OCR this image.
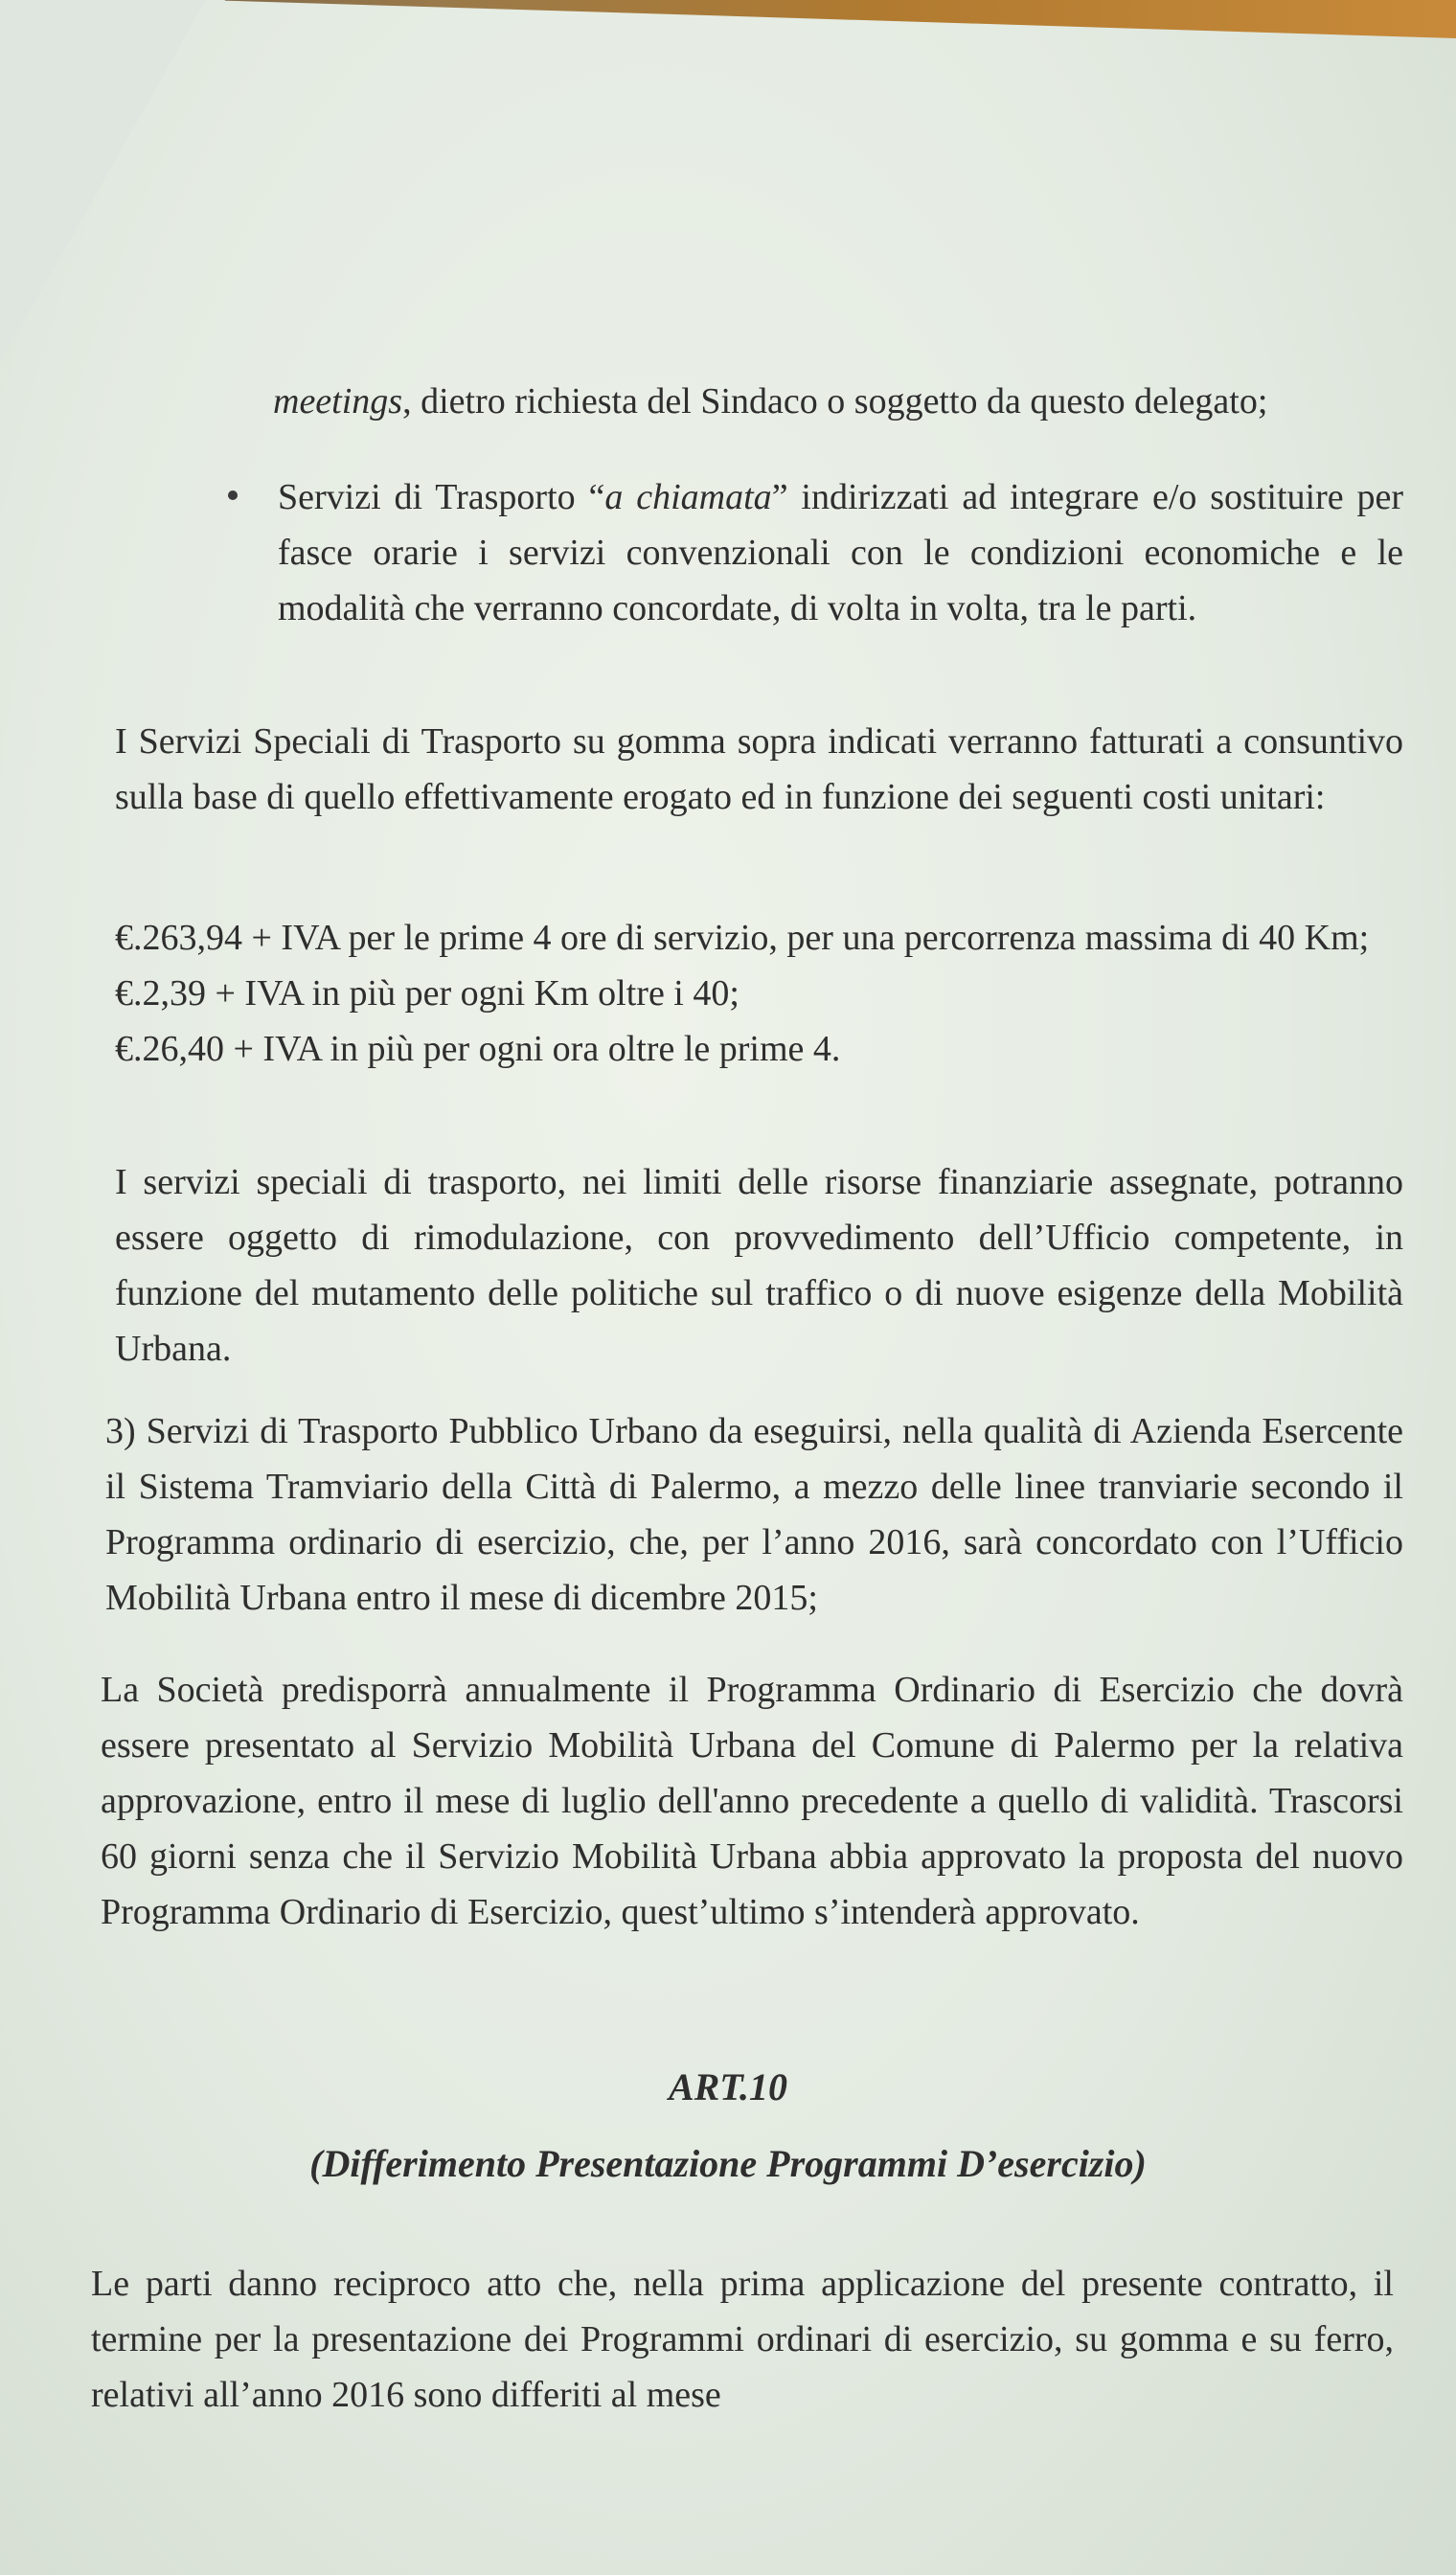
meetings, dietro richiesta del Sindaco o soggetto da questo delegato;

Servizi di Trasporto “a chiamata” indirizzati ad integrare e/o sostituire per fasce orarie i servizi convenzionali con le condizioni economiche e le modalità che verranno concordate, di volta in volta, tra le parti.

I Servizi Speciali di Trasporto su gomma sopra indicati verranno fatturati a consuntivo sulla base di quello effettivamente erogato ed in funzione dei seguenti costi unitari:

€.263,94 + IVA per le prime 4 ore di servizio, per una percorrenza massima di 40 Km;

€.2,39 + IVA in più per ogni Km oltre i 40;

€.26,40 + IVA in più per ogni ora oltre le prime 4.

I servizi speciali di trasporto, nei limiti delle risorse finanziarie assegnate, potranno essere oggetto di rimodulazione, con provvedimento dell’Ufficio competente, in funzione del mutamento delle politiche sul traffico o di nuove esigenze della Mobilità Urbana.

3) Servizi di Trasporto Pubblico Urbano da eseguirsi, nella qualità di Azienda Esercente il Sistema Tramviario della Città di Palermo, a mezzo delle linee tranviarie secondo il Programma ordinario di esercizio, che, per l’anno 2016, sarà concordato con l’Ufficio Mobilità Urbana entro il mese di dicembre 2015;

La Società predisporrà annualmente il Programma Ordinario di Esercizio che dovrà essere presentato al Servizio Mobilità Urbana del Comune di Palermo per la relativa approvazione, entro il mese di luglio dell'anno precedente a quello di validità. Trascorsi 60 giorni senza che il Servizio Mobilità Urbana abbia approvato la proposta del nuovo Programma Ordinario di Esercizio, quest’ultimo s’intenderà approvato.

ART.10
(Differimento Presentazione Programmi D’esercizio)

Le parti danno reciproco atto che, nella prima applicazione del presente contratto, il termine per la presentazione dei Programmi ordinari di esercizio, su gomma e su ferro, relativi all’anno 2016 sono differiti al mese
